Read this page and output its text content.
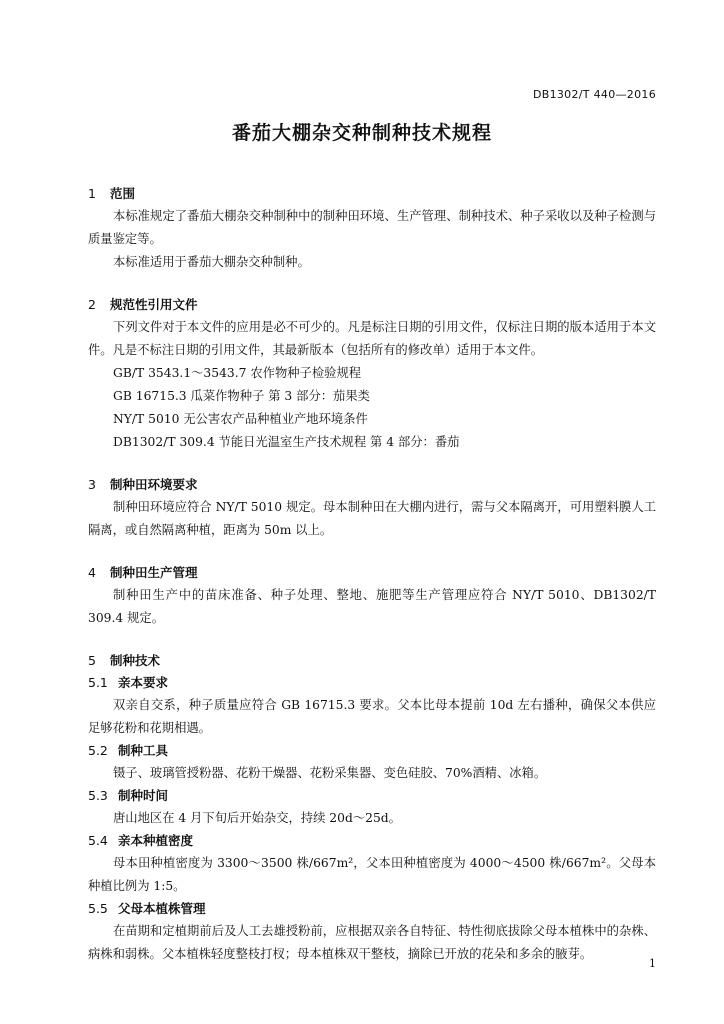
DB1302/T 440—2016
番茄大棚杂交种制种技术规程
1 范围

本标准规定了番茄大棚杂交种制种中的制种田环境、生产管理、制种技术、种子采收以及种子检测与质量鉴定等。

本标准适用于番茄大棚杂交种制种。

2 规范性引用文件

下列文件对于本文件的应用是必不可少的。凡是标注日期的引用文件，仅标注日期的版本适用于本文件。凡是不标注日期的引用文件，其最新版本（包括所有的修改单）适用于本文件。

GB/T 3543.1～3543.7 农作物种子检验规程

GB 16715.3 瓜菜作物种子 第 3 部分：茄果类

NY/T 5010 无公害农产品种植业产地环境条件

DB1302/T 309.4 节能日光温室生产技术规程 第 4 部分：番茄

3 制种田环境要求

制种田环境应符合 NY/T 5010 规定。母本制种田在大棚内进行，需与父本隔离开，可用塑料膜人工隔离，或自然隔离种植，距离为 50m 以上。

4 制种田生产管理

制种田生产中的苗床准备、种子处理、整地、施肥等生产管理应符合 NY/T 5010、DB1302/T 309.4 规定。

5 制种技术
5.1 亲本要求

双亲自交系，种子质量应符合 GB 16715.3 要求。父本比母本提前 10d 左右播种，确保父本供应足够花粉和花期相遇。

5.2 制种工具

镊子、玻璃管授粉器、花粉干燥器、花粉采集器、变色硅胶、70%酒精、冰箱。

5.3 制种时间

唐山地区在 4 月下旬后开始杂交，持续 20d～25d。

5.4 亲本种植密度

母本田种植密度为 3300～3500 株/667m²，父本田种植密度为 4000～4500 株/667m²。父母本种植比例为 1:5。

5.5 父母本植株管理

在苗期和定植期前后及人工去雄授粉前，应根据双亲各自特征、特性彻底拔除父母本植株中的杂株、病株和弱株。父本植株轻度整枝打杈；母本植株双干整枝，摘除已开放的花朵和多余的腋芽。

1
